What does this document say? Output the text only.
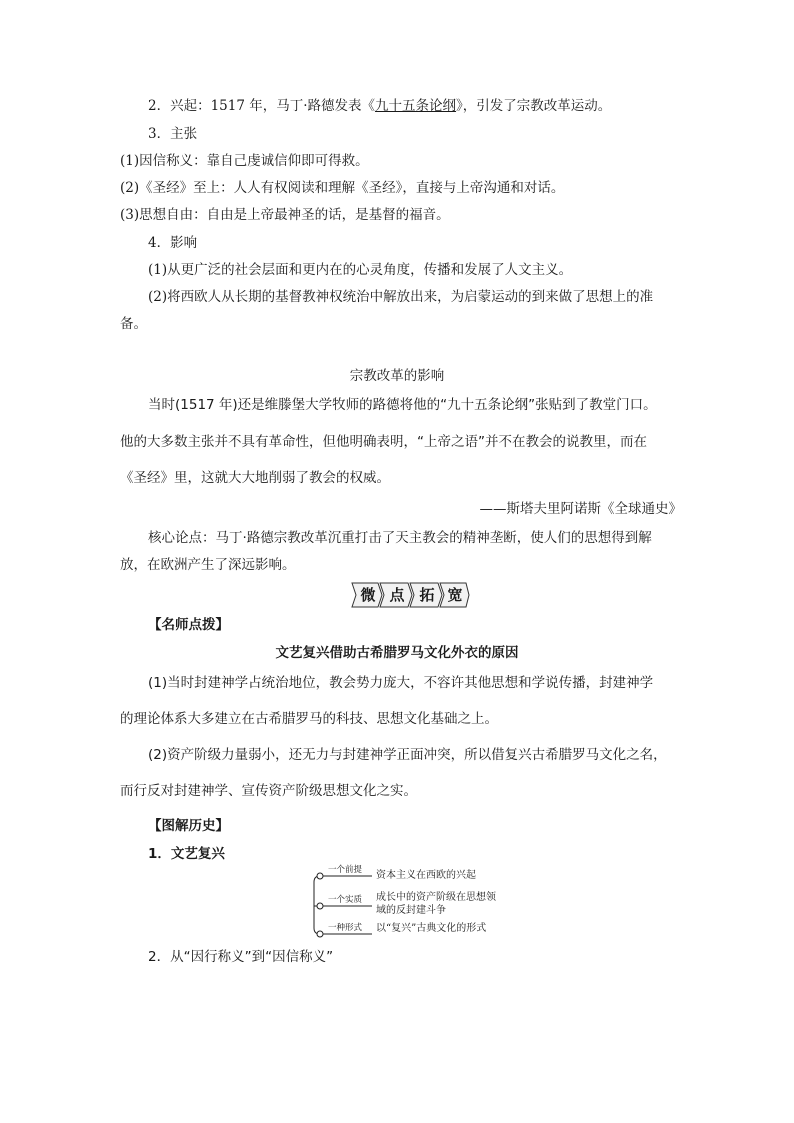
2．兴起：1517 年，马丁·路德发表《九十五条论纲》，引发了宗教改革运动。
3．主张
(1)因信称义：靠自己虔诚信仰即可得救。
(2)《圣经》至上：人人有权阅读和理解《圣经》，直接与上帝沟通和对话。
(3)思想自由：自由是上帝最神圣的话，是基督的福音。
4．影响
(1)从更广泛的社会层面和更内在的心灵角度，传播和发展了人文主义。
(2)将西欧人从长期的基督教神权统治中解放出来，为启蒙运动的到来做了思想上的准
备。
宗教改革的影响
当时(1517 年)还是维滕堡大学牧师的路德将他的“九十五条论纲”张贴到了教堂门口。
他的大多数主张并不具有革命性，但他明确表明，“上帝之语”并不在教会的说教里，而在
《圣经》里，这就大大地削弱了教会的权威。
——斯塔夫里阿诺斯《全球通史》
核心论点：马丁·路德宗教改革沉重打击了天主教会的精神垄断，使人们的思想得到解
放，在欧洲产生了深远影响。
微 点 拓 宽
【名师点拨】
文艺复兴借助古希腊罗马文化外衣的原因
(1)当时封建神学占统治地位，教会势力庞大，不容许其他思想和学说传播，封建神学
的理论体系大多建立在古希腊罗马的科技、思想文化基础之上。
(2)资产阶级力量弱小，还无力与封建神学正面冲突，所以借复兴古希腊罗马文化之名，
而行反对封建神学、宣传资产阶级思想文化之实。
【图解历史】
1．文艺复兴
一个前提 资本主义在西欧的兴起
一个实质 成长中的资产阶级在思想领
域的反封建斗争
一种形式 以“复兴”古典文化的形式
2．从“因行称义”到“因信称义”
